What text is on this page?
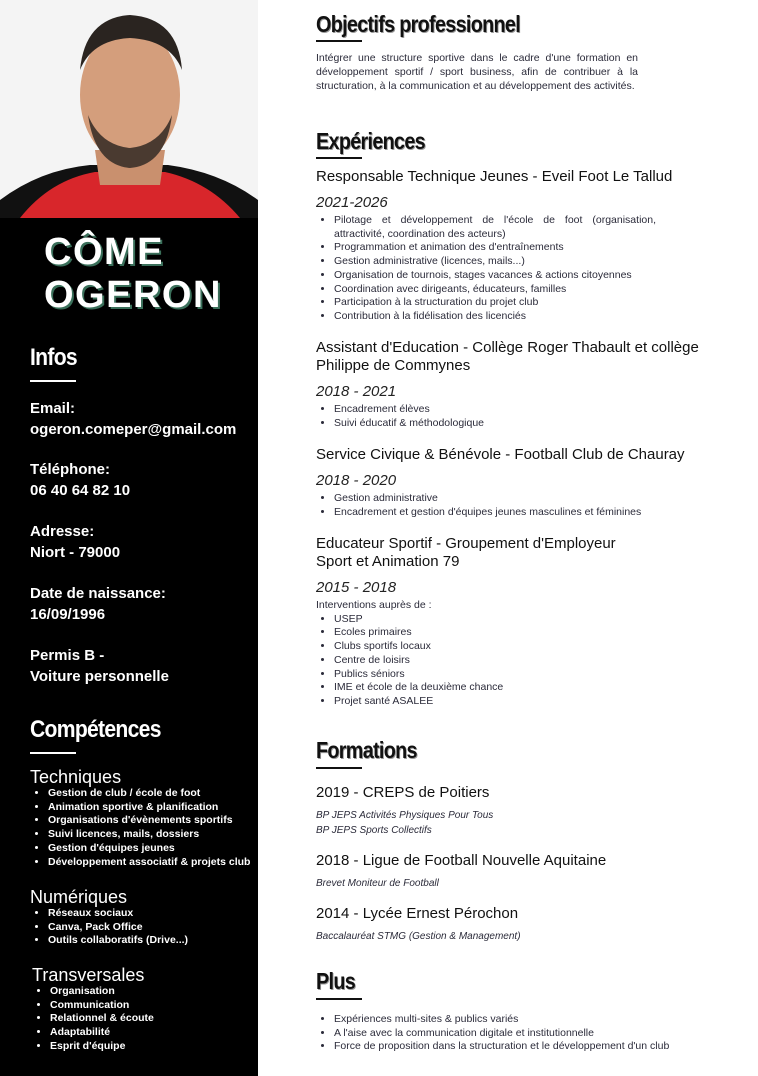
CÔME
OGERON
Infos
Email:
ogeron.comeper@gmail.com
Téléphone:
06 40 64 82 10
Adresse:
Niort - 79000
Date de naissance:
16/09/1996
Permis B -
Voiture personnelle
Compétences
Techniques
• Gestion de club / école de foot
• Animation sportive & planification
• Organisations d'évènements sportifs
• Suivi licences, mails, dossiers
• Gestion d'équipes jeunes
• Développement associatif & projets club
Numériques
• Réseaux sociaux
• Canva, Pack Office
• Outils collaboratifs (Drive...)
Transversales
• Organisation
• Communication
• Relationnel & écoute
• Adaptabilité
• Esprit d'équipe
Objectifs professionnel
Intégrer une structure sportive dans le cadre d'une formation en développement sportif / sport business, afin de contribuer à la structuration, à la communication et au développement des activités.
Expériences
Responsable Technique Jeunes - Eveil Foot Le Tallud
2021-2026
• Pilotage et développement de l'école de foot (organisation, attractivité, coordination des acteurs)
• Programmation et animation des d'entraînements
• Gestion administrative (licences, mails...)
• Organisation de tournois, stages vacances & actions citoyennes
• Coordination avec dirigeants, éducateurs, familles
• Participation à la structuration du projet club
• Contribution à la fidélisation des licenciés
Assistant d'Education - Collège Roger Thabault et collège Philippe de Commynes
2018 - 2021
• Encadrement élèves
• Suivi éducatif & méthodologique
Service Civique & Bénévole - Football Club de Chauray
2018 - 2020
• Gestion administrative
• Encadrement et gestion d'équipes jeunes masculines et féminines
Educateur Sportif - Groupement d'Employeur Sport et Animation 79
2015 - 2018
Interventions auprès de :
• USEP
• Ecoles primaires
• Clubs sportifs locaux
• Centre de loisirs
• Publics séniors
• IME et école de la deuxième chance
• Projet santé ASALEE
Formations
2019 - CREPS de Poitiers
BP JEPS Activités Physiques Pour Tous
BP JEPS Sports Collectifs
2018 - Ligue de Football Nouvelle Aquitaine
Brevet Moniteur de Football
2014 - Lycée Ernest Pérochon
Baccalauréat STMG (Gestion & Management)
Plus
• Expériences multi-sites & publics variés
• A l'aise avec la communication digitale et institutionnelle
• Force de proposition dans la structuration et le développement d'un club
